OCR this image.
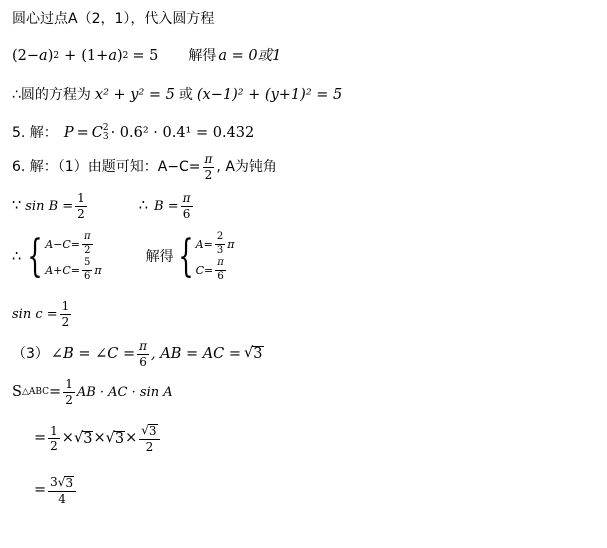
圆心过点A（2，1），代入圆方程
(2 − a ) 2 + (1 + a ) 2 = 5 解得 a = 0或1
∴圆的方程为 x² + y² = 5 或 (x−1)² + (y+1)² = 5
5. 解： P = C 2
3 · 0.6² · 0.4¹ = 0.432
6. 解：（1）由题可知：$A-C= \frac{\pi}{2}$ , A为钝角
∵ $\sin B = \frac{1}{2}$	∴ $B = \frac{\pi}{6}$
∴ { $A-C= \frac{\pi}{2}$
$A+C= \frac{5}{6}$ π
解得 { $A= \frac{2}{3}$ π
$C= \frac{\pi}{6}$
$\sin c = \frac{1}{2}$
（3） ∠B = ∠C = $\frac{\pi}{6}$ , AB = AC = √ 3
S △ABC = $\frac{1}{2}$ AB · AC · sin A
= $\frac{1}{2}$ × √ 3 × √ $3 \times \frac{√ 3}{2}$
= $\frac{3 √ 3}{4}$
